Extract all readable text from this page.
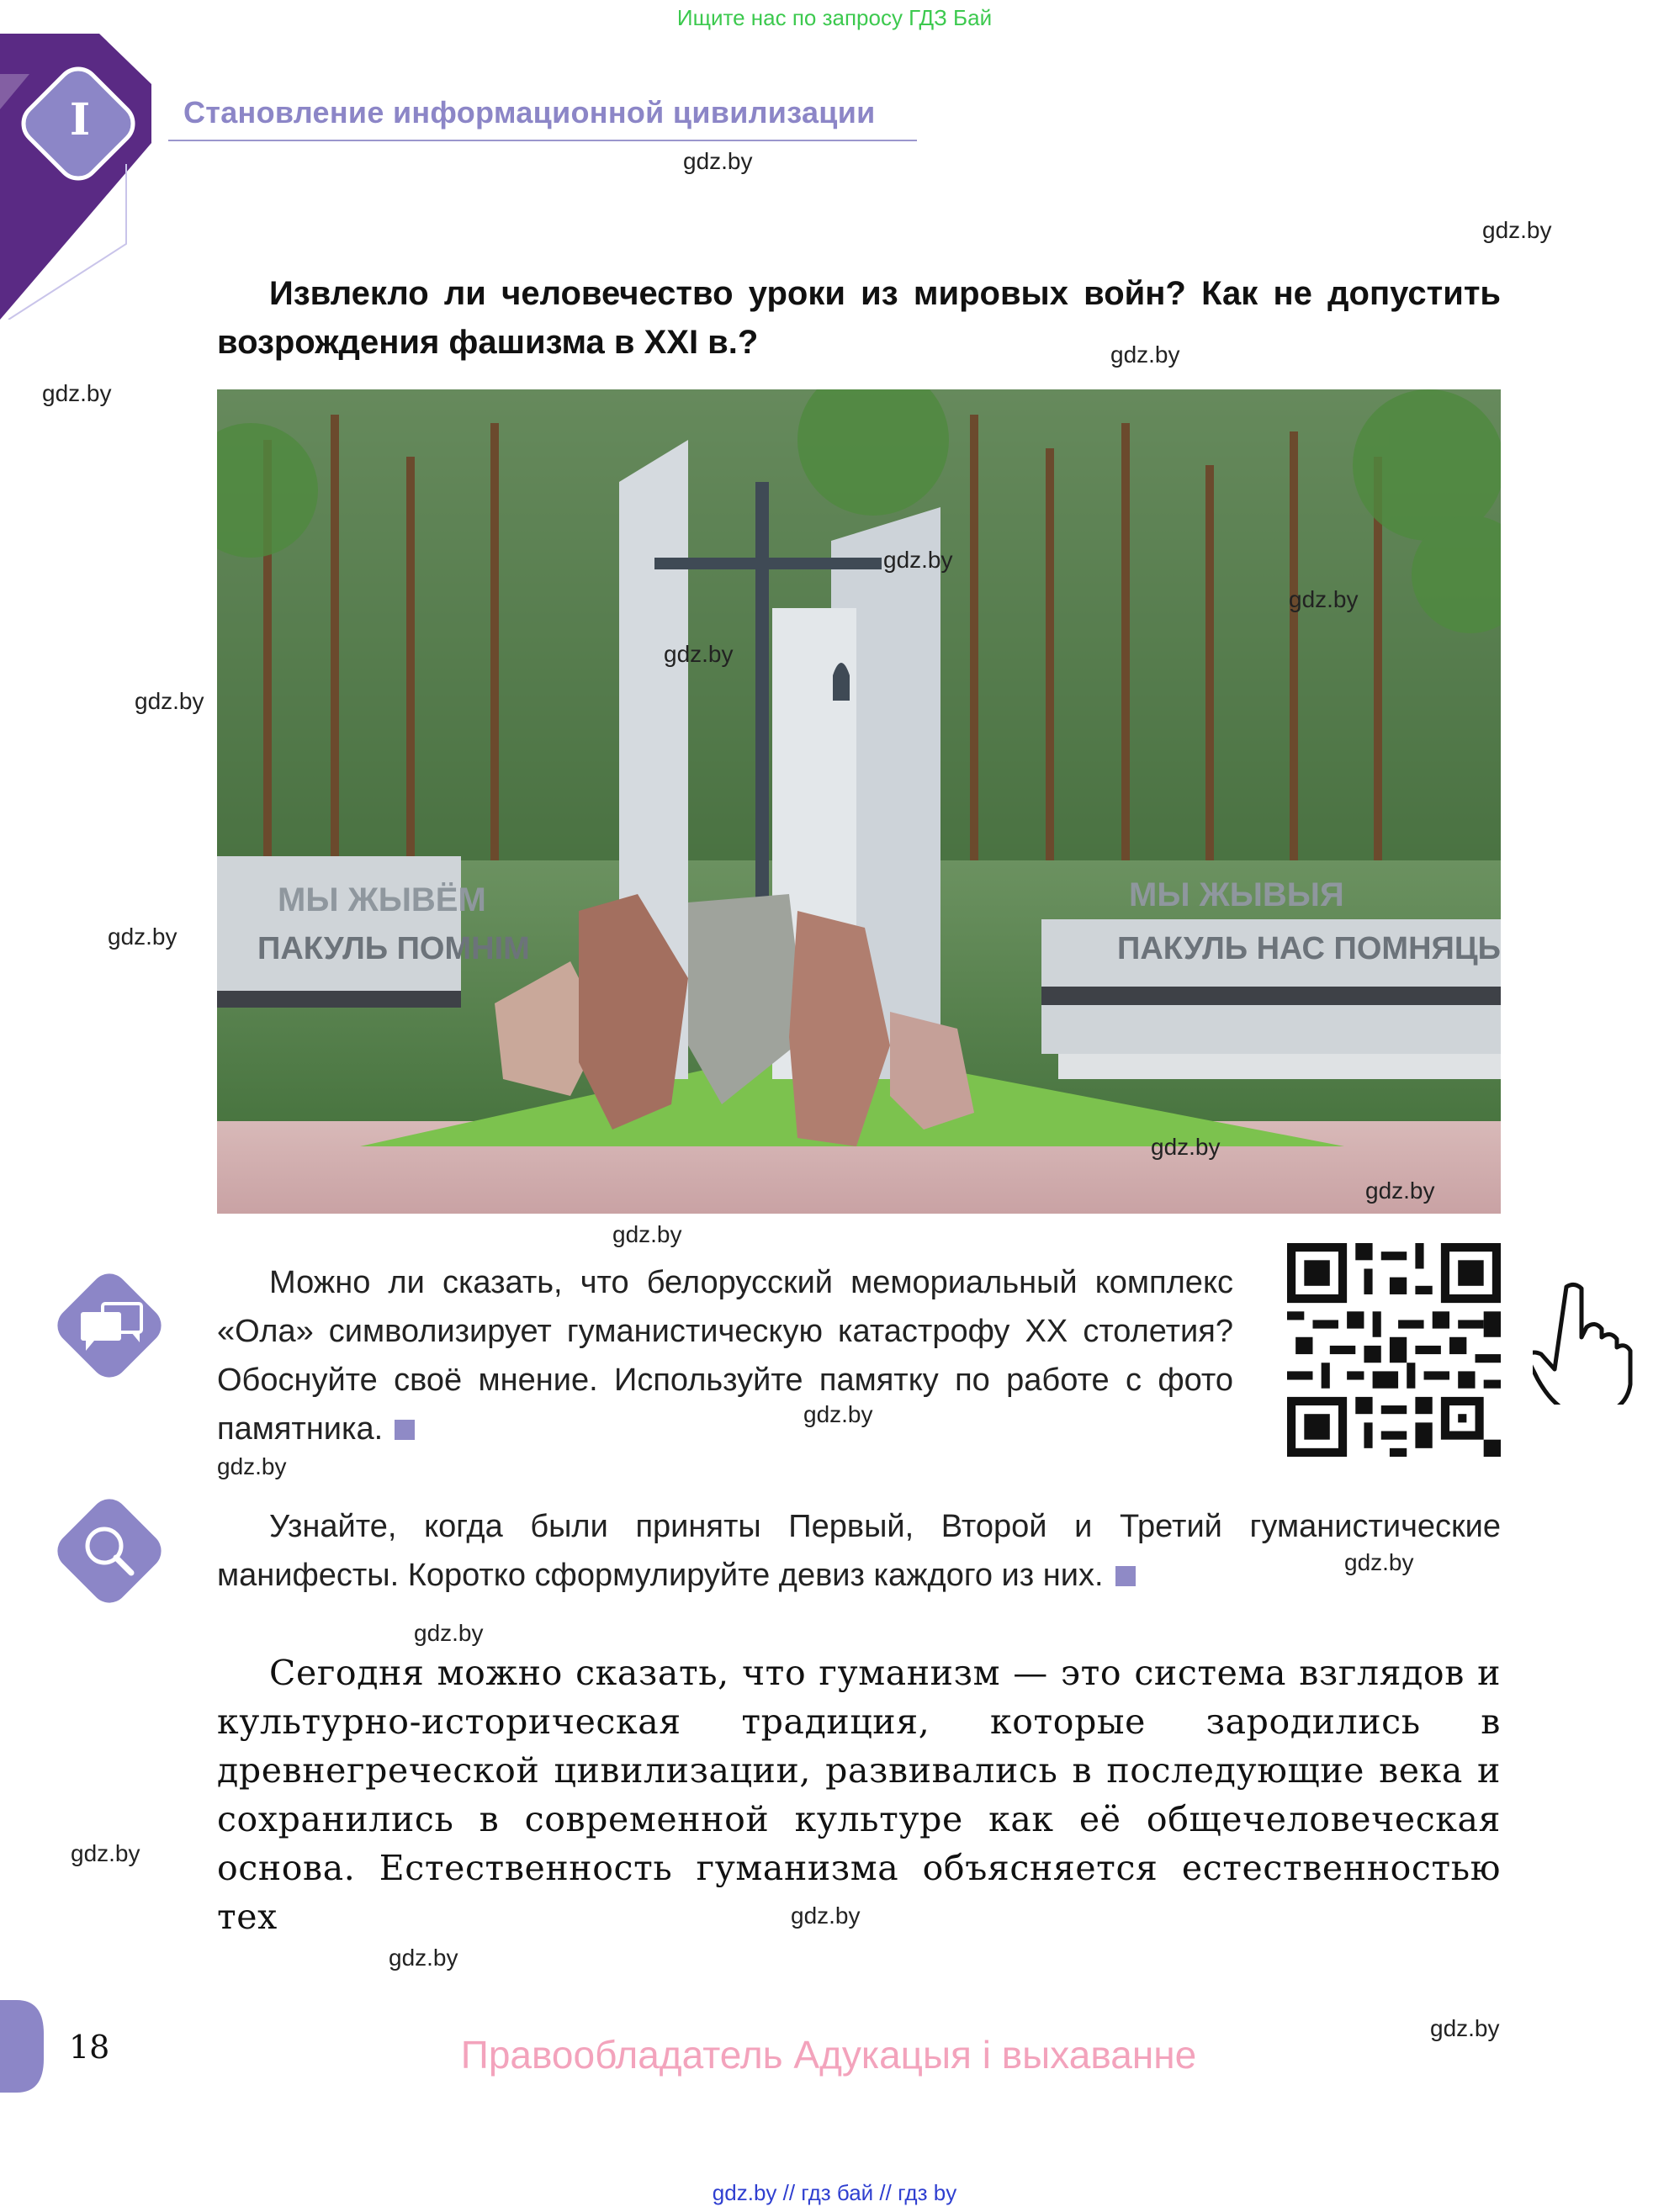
Ищите нас по запросу ГДЗ Бай
I	Становление информационной цивилизации
gdz.by
gdz.by
gdz.by
gdz.by
Извлекло ли человечество уроки из мировых войн? Как не допустить возрождения фашизма в XXI в.?
МЫ ЖЫВЁМ
ПАКУЛЬ ПОМНІМ
МЫ ЖЫВЫЯ
ПАКУЛЬ НАС ПОМНЯЦЬ
gdz.by
gdz.by
gdz.by
gdz.by
gdz.by
gdz.by
gdz.by
gdz.by
Можно ли сказать, что белорусский мемориальный комплекс «Ола» символизирует гуманистическую катастрофу XX столетия? Обоснуйте своё мнение. Используйте памятку по работе с фото памятника.	gdz.by
gdz.by
Узнайте, когда были приняты Первый, Второй и Третий гуманистические манифесты. Коротко сформулируйте девиз каждого из них.	gdz.by
gdz.by
Сегодня можно сказать, что гуманизм — это система взглядов и культурно-историческая традиция, которые зародились в древнегреческой цивилизации, развивались в последующие века и сохранились в современной культуре как её общечеловеческая основа. Естественность гуманизма объясняется естественностью тех
gdz.by
gdz.by
gdz.by
gdz.by
18	Правообладатель Адукацыя і выхаванне
gdz.by // гдз бай // гдз by
